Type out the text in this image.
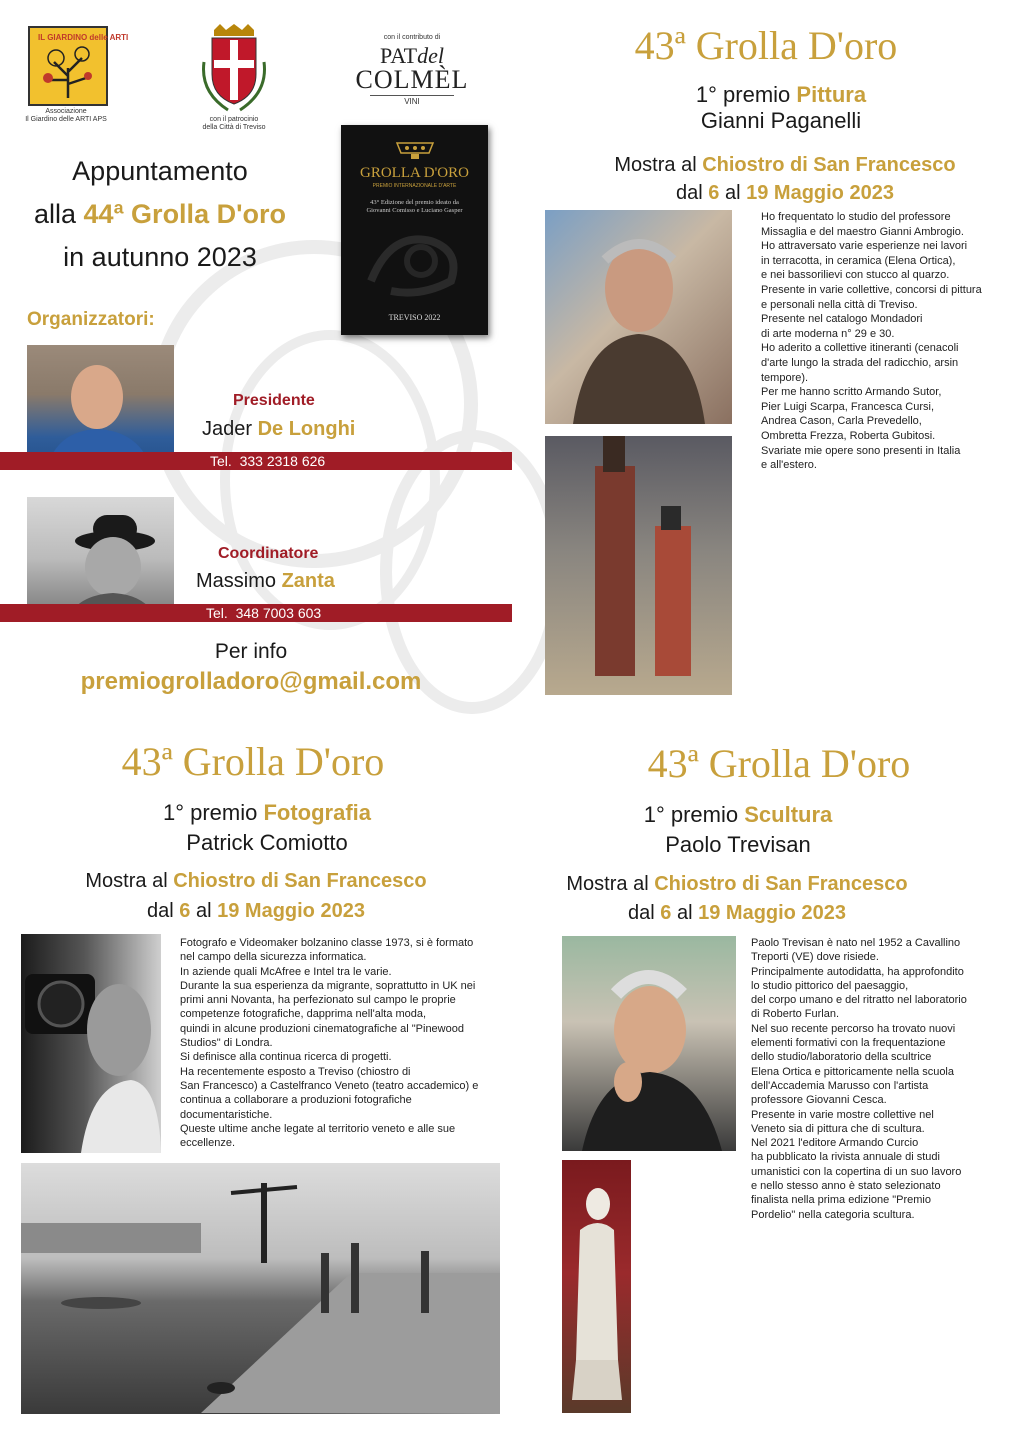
IL GIARDINO delle ARTI
Associazione
Il Giardino delle ARTI APS	con il patrocinio
della Città di Treviso
con il contributo di
PATdel
COLMÈL
VINI
GROLLA D'ORO
PREMIO INTERNAZIONALE D'ARTE
43° Edizione del premio ideato da
Giovanni Comisso e Luciano Gasper
TREVISO 2022
Appuntamento
alla 44ª Grolla D'oro
in autunno 2023
Organizzatori:
Presidente
Jader De Longhi
Tel. 333 2318 626
Coordinatore
Massimo Zanta
Tel. 348 7003 603
Per info
premiogrolladoro@gmail.com
43ª Grolla D'oro
1° premio Pittura
Gianni Paganelli
Mostra al Chiostro di San Francesco
dal 6 al 19 Maggio 2023
Ho frequentato lo studio del professore
Missaglia e del maestro Gianni Ambrogio.
Ho attraversato varie esperienze nei lavori
in terracotta, in ceramica (Elena Ortica),
e nei bassorilievi con stucco al quarzo.
Presente in varie collettive, concorsi di pittura
e personali nella città di Treviso.
Presente nel catalogo Mondadori
di arte moderna n° 29 e 30.
Ho aderito a collettive itineranti (cenacoli
d'arte lungo la strada del radicchio, arsin
tempore).
Per me hanno scritto Armando Sutor,
Pier Luigi Scarpa, Francesca Cursi,
Andrea Cason, Carla Prevedello,
Ombretta Frezza, Roberta Gubitosi.
Svariate mie opere sono presenti in Italia
e all'estero.
43ª Grolla D'oro
1° premio Fotografia
Patrick Comiotto
Mostra al Chiostro di San Francesco
dal 6 al 19 Maggio 2023
Fotografo e Videomaker bolzanino classe 1973, si è formato
nel campo della sicurezza informatica.
In aziende quali McAfree e Intel tra le varie.
Durante la sua esperienza da migrante, soprattutto in UK nei
primi anni Novanta, ha perfezionato sul campo le proprie
competenze fotografiche, dapprima nell'alta moda,
quindi in alcune produzioni cinematografiche al "Pinewood
Studios" di Londra.
Si definisce alla continua ricerca di progetti.
Ha recentemente esposto a Treviso (chiostro di
San Francesco) a Castelfranco Veneto (teatro accademico) e
continua a collaborare a produzioni fotografiche
documentaristiche.
Queste ultime anche legate al territorio veneto e alle sue
eccellenze.
43ª Grolla D'oro
1° premio Scultura
Paolo Trevisan
Mostra al Chiostro di San Francesco
dal 6 al 19 Maggio 2023
Paolo Trevisan è nato nel 1952 a Cavallino
Treporti (VE) dove risiede.
Principalmente autodidatta, ha approfondito
lo studio pittorico del paesaggio,
del corpo umano e del ritratto nel laboratorio
di Roberto Furlan.
Nel suo recente percorso ha trovato nuovi
elementi formativi con la frequentazione
dello studio/laboratorio della scultrice
Elena Ortica e pittoricamente nella scuola
dell'Accademia Marusso con l'artista
professore Giovanni Cesca.
Presente in varie mostre collettive nel
Veneto sia di pittura che di scultura.
Nel 2021 l'editore Armando Curcio
ha pubblicato la rivista annuale di studi
umanistici con la copertina di un suo lavoro
e nello stesso anno è stato selezionato
finalista nella prima edizione "Premio
Pordelio" nella categoria scultura.
